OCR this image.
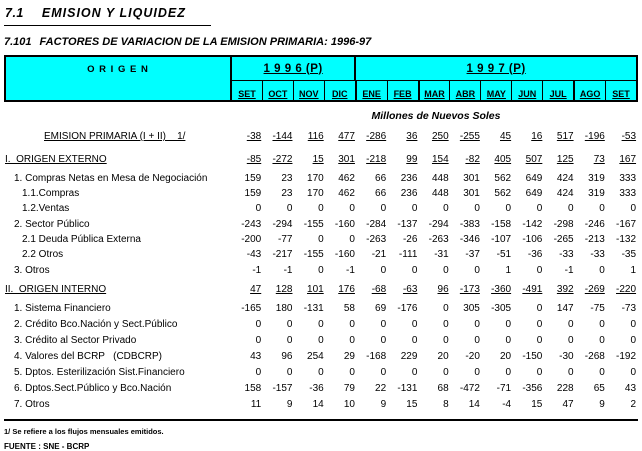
7.1 EMISION Y LIQUIDEZ
7.101 FACTORES DE VARIACION DE LA EMISION PRIMARIA: 1996-97
O R I G E N	1 9 9 6 (P)	1 9 9 7 (P)
SET	OCT	NOV	DIC	ENE	FEB	MAR	ABR	MAY	JUN	JUL	AGO	SET
Millones de Nuevos Soles
EMISION PRIMARIA (I + II)    1/	-38	-144	116	477	-286	36	250	-255	45	16	517	-196	-53
I.  ORIGEN EXTERNO	-85	-272	15	301	-218	99	154	-82	405	507	125	73	167
1. Compras Netas en Mesa de Negociación	159	23	170	462	66	236	448	301	562	649	424	319	333
1.1.Compras	159	23	170	462	66	236	448	301	562	649	424	319	333
1.2.Ventas	0	0	0	0	0	0	0	0	0	0	0	0	0
2. Sector Público	-243	-294	-155	-160	-284	-137	-294	-383	-158	-142	-298	-246	-167
2.1 Deuda Pública Externa	-200	-77	0	0	-263	-26	-263	-346	-107	-106	-265	-213	-132
2.2 Otros	-43	-217	-155	-160	-21	-111	-31	-37	-51	-36	-33	-33	-35
3. Otros	-1	-1	0	-1	0	0	0	0	1	0	-1	0	1
II.  ORIGEN INTERNO	47	128	101	176	-68	-63	96	-173	-360	-491	392	-269	-220
1. Sistema Financiero	-165	180	-131	58	69	-176	0	305	-305	0	147	-75	-73
2. Crédito Bco.Nación y Sect.Público	0	0	0	0	0	0	0	0	0	0	0	0	0
3. Crédito al Sector Privado	0	0	0	0	0	0	0	0	0	0	0	0	0
4. Valores del BCRP   (CDBCRP)	43	96	254	29	-168	229	20	-20	20	-150	-30	-268	-192
5. Dptos. Esterilización Sist.Financiero	0	0	0	0	0	0	0	0	0	0	0	0	0
6. Dptos.Sect.Público y Bco.Nación	158	-157	-36	79	22	-131	68	-472	-71	-356	228	65	43
7. Otros	11	9	14	10	9	15	8	14	-4	15	47	9	2
1/ Se refiere a los flujos mensuales emitidos.
FUENTE : SNE - BCRP
